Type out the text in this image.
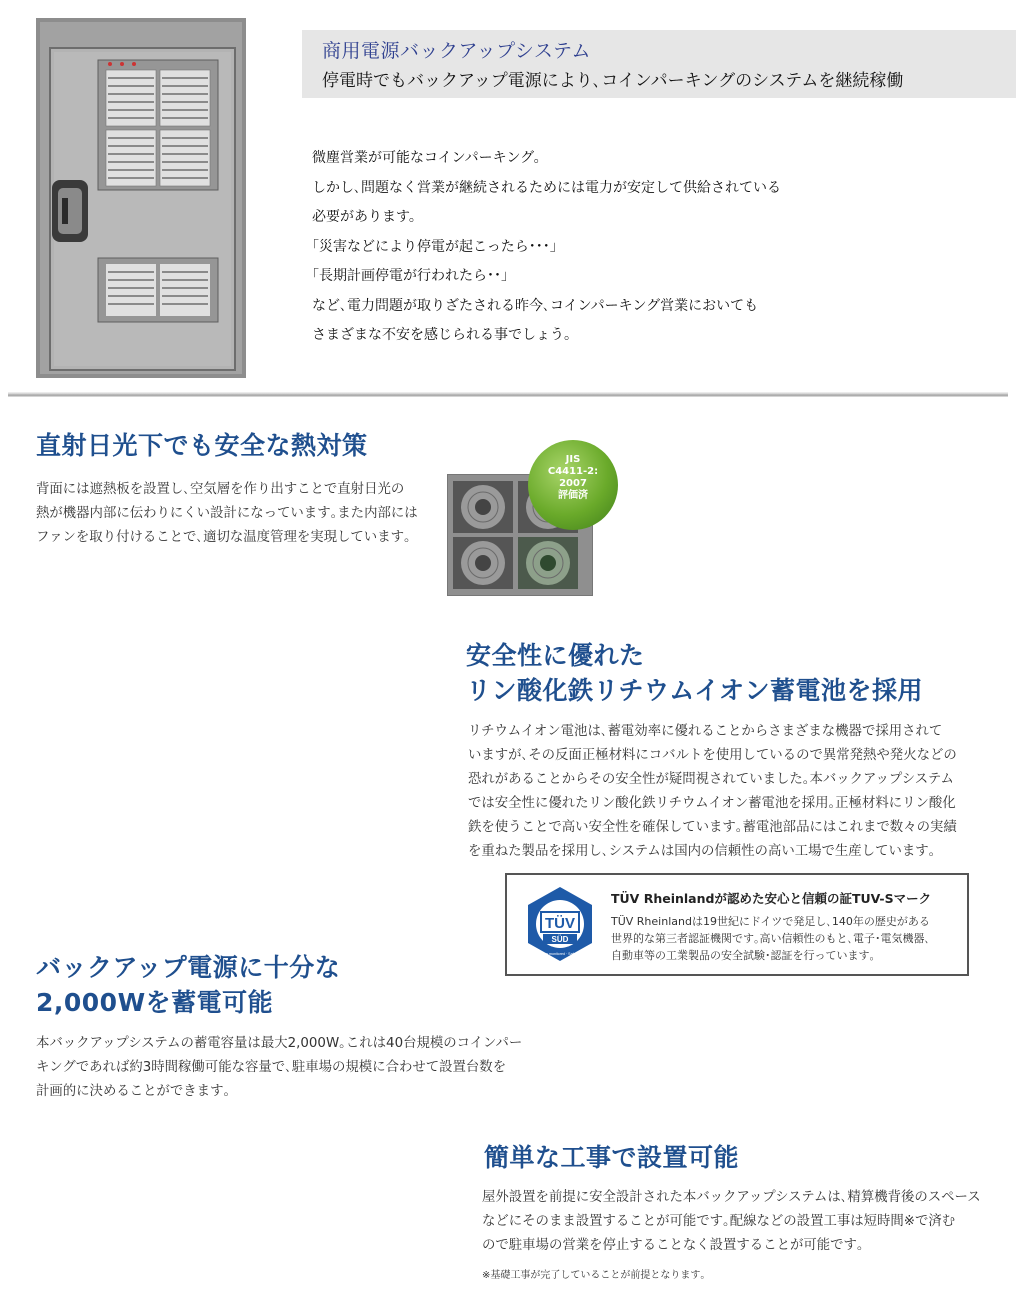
商用電源バックアップシステム
停電時でもバックアップ電源により､コインパーキングのシステムを継続稼働
微塵営業が可能なコインパーキング。
しかし､問題なく営業が継続されるためには電力が安定して供給されている
必要があります。
｢災害などにより停電が起こったら･･･｣
｢長期計画停電が行われたら･･｣
など､電力問題が取りざたされる昨今､コインパーキング営業においても
さまざまな不安を感じられる事でしょう。
直射日光下でも安全な熱対策
背面には遮熱板を設置し､空気層を作り出すことで直射日光の
熱が機器内部に伝わりにくい設計になっています｡また内部には
ファンを取り付けることで､適切な温度管理を実現しています｡
JIS
C4411-2:
2007
評価済
安全性に優れた
リン酸化鉄リチウムイオン蓄電池を採用
リチウムイオン電池は､蓄電効率に優れることからさまざまな機器で採用されて
いますが､その反面正極材料にコバルトを使用しているので異常発熱や発火などの
恐れがあることからその安全性が疑問視されていました｡本バックアップシステム
では安全性に優れたリン酸化鉄リチウムイオン蓄電池を採用｡正極材料にリン酸化
鉄を使うことで高い安全性を確保しています｡蓄電池部品にはこれまで数々の実績
を重ねた製品を採用し､システムは国内の信頼性の高い工場で生産しています｡
TÜV
SÜD
Production monitored · Safety tested
TÜV Rheinlandが認めた安心と信頼の証TUV-Sマーク
TÜV Rheinlandは19世紀にドイツで発足し､140年の歴史がある
世界的な第三者認証機関です｡高い信頼性のもと､電子･電気機器､
自動車等の工業製品の安全試験･認証を行っています｡
バックアップ電源に十分な
2,000Wを蓄電可能
本バックアップシステムの蓄電容量は最大2,000W｡これは40台規模のコインパー
キングであれば約3時間稼働可能な容量で､駐車場の規模に合わせて設置台数を
計画的に決めることができます｡
簡単な工事で設置可能
屋外設置を前提に安全設計された本バックアップシステムは､精算機背後のスペース
などにそのまま設置することが可能です｡配線などの設置工事は短時間※で済む
ので駐車場の営業を停止することなく設置することが可能です｡
※基礎工事が完了していることが前提となります｡
